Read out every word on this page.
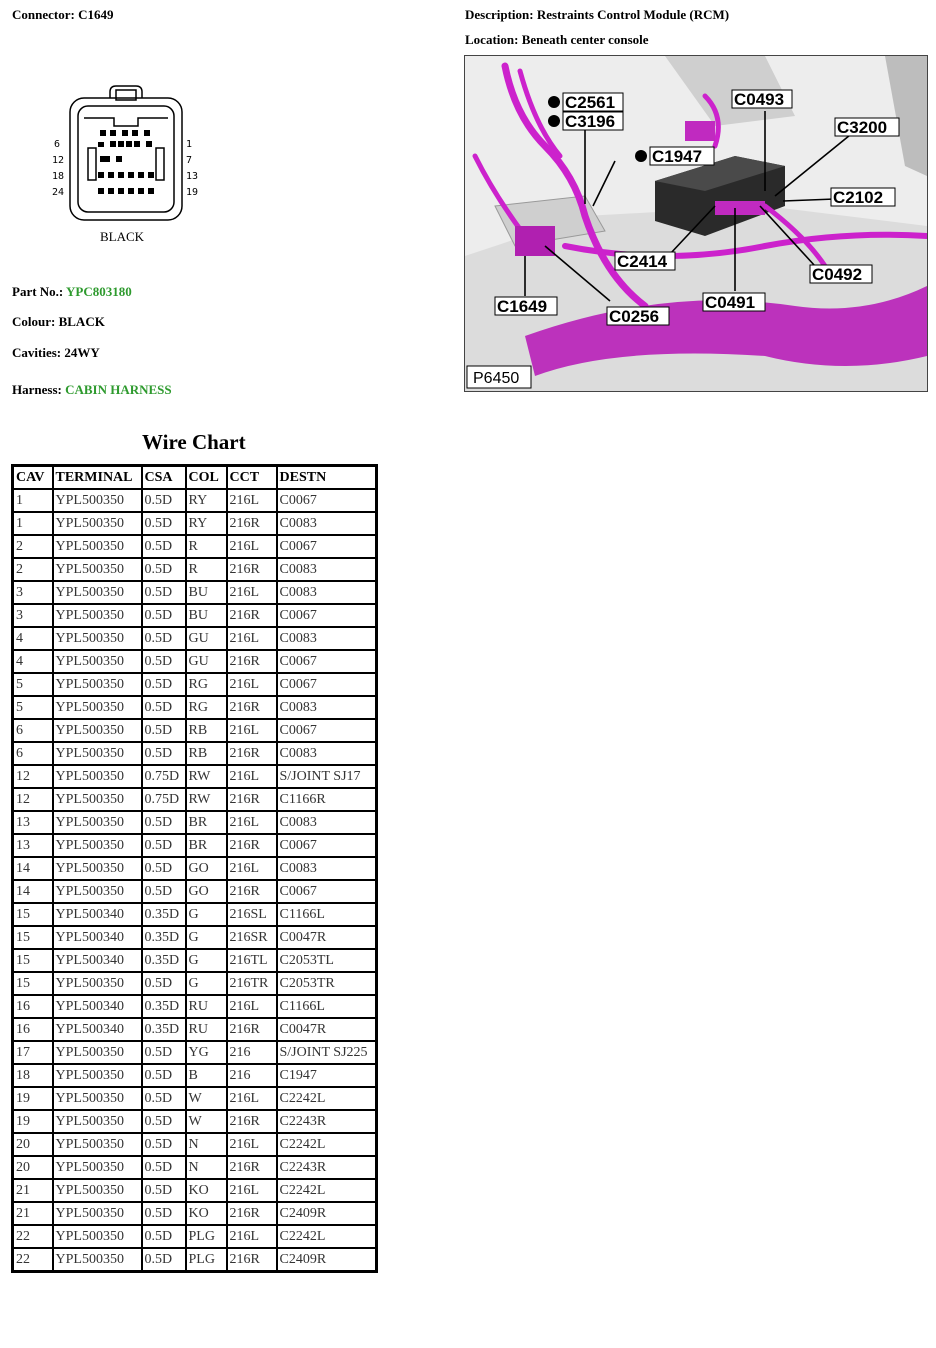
Connector: C1649	Description: Restraints Control Module (RCM)
Location: Beneath center console
6
12
18
24
1
7
13
19
BLACK
Part No.: YPC803180
Colour: BLACK
Cavities: 24WY
Harness: CABIN HARNESS
C2561
C3196
C1947
C0493
C3200
C2102
C2414
C0492
C0491
C1649
C0256
P6450
Wire Chart
CAV	TERMINAL	CSA	COL	CCT	DESTN
1	YPL500350	0.5D	RY	216L	C0067
1	YPL500350	0.5D	RY	216R	C0083
2	YPL500350	0.5D	R	216L	C0067
2	YPL500350	0.5D	R	216R	C0083
3	YPL500350	0.5D	BU	216L	C0083
3	YPL500350	0.5D	BU	216R	C0067
4	YPL500350	0.5D	GU	216L	C0083
4	YPL500350	0.5D	GU	216R	C0067
5	YPL500350	0.5D	RG	216L	C0067
5	YPL500350	0.5D	RG	216R	C0083
6	YPL500350	0.5D	RB	216L	C0067
6	YPL500350	0.5D	RB	216R	C0083
12	YPL500350	0.75D	RW	216L	S/JOINT SJ17
12	YPL500350	0.75D	RW	216R	C1166R
13	YPL500350	0.5D	BR	216L	C0083
13	YPL500350	0.5D	BR	216R	C0067
14	YPL500350	0.5D	GO	216L	C0083
14	YPL500350	0.5D	GO	216R	C0067
15	YPL500340	0.35D	G	216SL	C1166L
15	YPL500340	0.35D	G	216SR	C0047R
15	YPL500340	0.35D	G	216TL	C2053TL
15	YPL500350	0.5D	G	216TR	C2053TR
16	YPL500340	0.35D	RU	216L	C1166L
16	YPL500340	0.35D	RU	216R	C0047R
17	YPL500350	0.5D	YG	216	S/JOINT SJ225
18	YPL500350	0.5D	B	216	C1947
19	YPL500350	0.5D	W	216L	C2242L
19	YPL500350	0.5D	W	216R	C2243R
20	YPL500350	0.5D	N	216L	C2242L
20	YPL500350	0.5D	N	216R	C2243R
21	YPL500350	0.5D	KO	216L	C2242L
21	YPL500350	0.5D	KO	216R	C2409R
22	YPL500350	0.5D	PLG	216L	C2242L
22	YPL500350	0.5D	PLG	216R	C2409R
